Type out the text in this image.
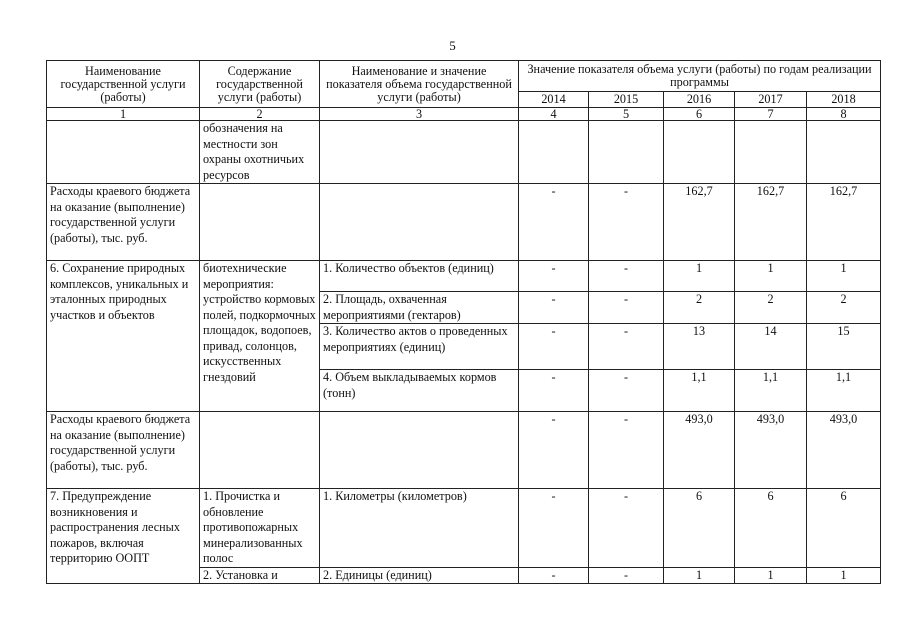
5
Наименование государственной услуги (работы)	Содержание государственной услуги (работы)	Наименование и значение показателя объема государственной услуги (работы)	Значение показателя объема услуги (работы) по годам реализации программы				
			2014	2015	2016	2017	2018
1	2	3	4	5	6	7	8
	обозначения на местности зон охраны охотничьих ресурсов						
Расходы краевого бюджета на оказание (выполнение) государственной услуги (работы), тыс. руб.			-	-	162,7	162,7	162,7
6. Сохранение природных комплексов, уникальных и эталонных природных участков и объектов	биотехнические мероприятия: устройство кормовых полей, подкормочных площадок, водопоев, привад, солонцов, искусственных гнездовий	1. Количество объектов (единиц)	-	-	1	1	1
		2. Площадь, охваченная мероприятиями (гектаров)	-	-	2	2	2
		3. Количество актов о проведенных мероприятиях (единиц)	-	-	13	14	15
		4. Объем выкладываемых кормов (тонн)	-	-	1,1	1,1	1,1
Расходы краевого бюджета на оказание (выполнение) государственной услуги (работы), тыс. руб.			-	-	493,0	493,0	493,0
7. Предупреждение возникновения и распространения лесных пожаров, включая территорию ООПТ	1. Прочистка и обновление противопожарных минерализованных полос	1. Километры (километров)	-	-	6	6	6
	2. Установка и	2. Единицы (единиц)	-	-	1	1	1
